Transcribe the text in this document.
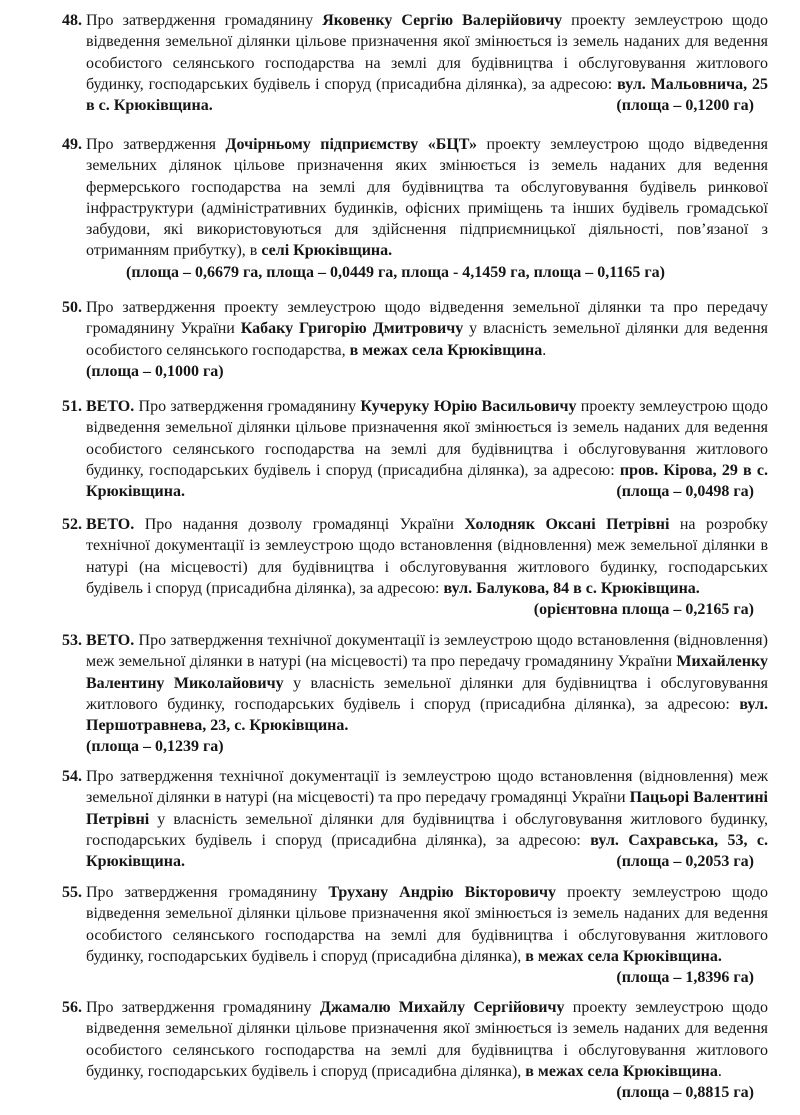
48. Про затвердження громадянину Яковенку Сергію Валерійовичу проекту землеустрою щодо відведення земельної ділянки цільове призначення якої змінюється із земель наданих для ведення особистого селянського господарства на землі для будівництва і обслуговування житлового будинку, господарських будівель і споруд (присадибна ділянка), за адресою: вул. Мальовнича, 25 в с. Крюківщина.	(площа – 0,1200 га)
49. Про затвердження Дочірньому підприємству «БЦТ» проекту землеустрою щодо відведення земельних ділянок цільове призначення яких змінюється із земель наданих для ведення фермерського господарства на землі для будівництва та обслуговування будівель ринкової інфраструктури (адміністративних будинків, офісних приміщень та інших будівель громадської забудови, які використовуються для здійснення підприємницької діяльності, пов’язаної з отриманням прибутку), в селі Крюківщина.
(площа – 0,6679 га, площа – 0,0449 га, площа - 4,1459 га, площа – 0,1165 га)
50. Про затвердження проекту землеустрою щодо відведення земельної ділянки та про передачу громадянину України Кабаку Григорію Дмитровичу у власність земельної ділянки для ведення особистого селянського господарства, в межах села Крюківщина.
(площа – 0,1000 га)
51. ВЕТО. Про затвердження громадянину Кучеруку Юрію Васильовичу проекту землеустрою щодо відведення земельної ділянки цільове призначення якої змінюється із земель наданих для ведення особистого селянського господарства на землі для будівництва і обслуговування житлового будинку, господарських будівель і споруд (присадибна ділянка), за адресою: пров. Кірова, 29 в с. Крюківщина.	(площа – 0,0498 га)
52. ВЕТО. Про надання дозволу громадянці України Холодняк Оксані Петрівні на розробку технічної документації із землеустрою щодо встановлення (відновлення) меж земельної ділянки в натурі (на місцевості) для будівництва і обслуговування житлового будинку, господарських будівель і споруд (присадибна ділянка), за адресою: вул. Балукова, 84 в с. Крюківщина.
(орієнтовна площа – 0,2165 га)
53. ВЕТО. Про затвердження технічної документації із землеустрою щодо встановлення (відновлення) меж земельної ділянки в натурі (на місцевості) та про передачу громадянину України Михайленку Валентину Миколайовичу у власність земельної ділянки для будівництва і обслуговування житлового будинку, господарських будівель і споруд (присадибна ділянка), за адресою: вул. Першотравнева, 23, с. Крюківщина.
(площа – 0,1239 га)
54. Про затвердження технічної документації із землеустрою щодо встановлення (відновлення) меж земельної ділянки в натурі (на місцевості) та про передачу громадянці України Пацьорі Валентині Петрівні у власність земельної ділянки для будівництва і обслуговування житлового будинку, господарських будівель і споруд (присадибна ділянка), за адресою: вул. Сахравська, 53, с. Крюківщина.	(площа – 0,2053 га)
55. Про затвердження громадянину Трухану Андрію Вікторовичу проекту землеустрою щодо відведення земельної ділянки цільове призначення якої змінюється із земель наданих для ведення особистого селянського господарства на землі для будівництва і обслуговування житлового будинку, господарських будівель і споруд (присадибна ділянка), в межах села Крюківщина.
(площа – 1,8396 га)
56. Про затвердження громадянину Джамалю Михайлу Сергійовичу проекту землеустрою щодо відведення земельної ділянки цільове призначення якої змінюється із земель наданих для ведення особистого селянського господарства на землі для будівництва і обслуговування житлового будинку, господарських будівель і споруд (присадибна ділянка), в межах села Крюківщина.
(площа – 0,8815 га)
